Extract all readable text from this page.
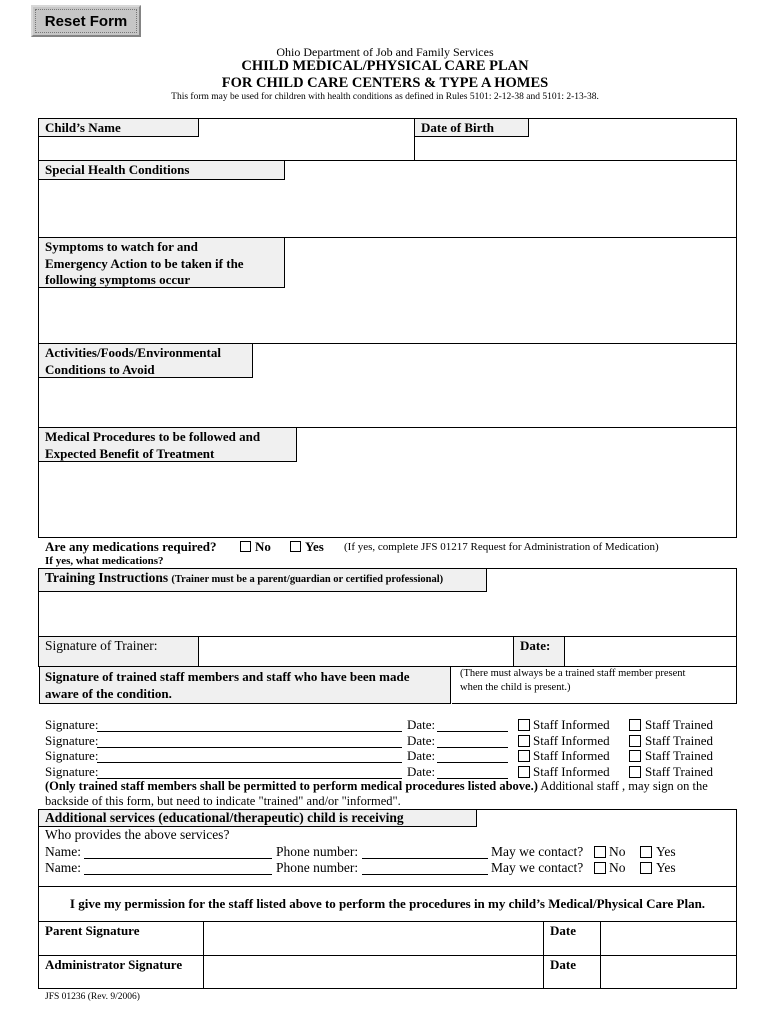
Reset Form
Ohio Department of Job and Family Services
CHILD MEDICAL/PHYSICAL CARE PLAN
FOR CHILD CARE CENTERS & TYPE A HOMES
This form may be used for children with health conditions as defined in Rules 5101: 2-12-38 and 5101: 2-13-38.
Child’s Name	Date of Birth
Special Health Conditions
Symptoms to watch for and
Emergency Action to be taken if the
following symptoms occur
Activities/Foods/Environmental
Conditions to Avoid
Medical Procedures to be followed and
Expected Benefit of Treatment
Are any medications required?	No	Yes (If yes, complete JFS 01217 Request for Administration of Medication)
If yes, what medications?
Training Instructions (Trainer must be a parent/guardian or certified professional)
Signature of Trainer:	Date:
Signature of trained staff members and staff who have been made
aware of the condition.
(There must always be a trained staff member present
when the child is present.)
Signature:	Date:	Staff Informed	Staff Trained
Signature:	Date:	Staff Informed	Staff Trained
Signature:	Date:	Staff Informed	Staff Trained
Signature:	Date:	Staff Informed	Staff Trained
(Only trained staff members shall be permitted to perform medical procedures listed above.) Additional staff , may sign on the
backside of this form, but need to indicate "trained" and/or "informed".
Additional services (educational/therapeutic) child is receiving
Who provides the above services?
Name:	Phone number:	May we contact? No Yes
Name:	Phone number:	May we contact? No Yes
I give my permission for the staff listed above to perform the procedures in my child’s Medical/Physical Care Plan.
Parent Signature	Date
Administrator Signature	Date
JFS 01236 (Rev. 9/2006)
